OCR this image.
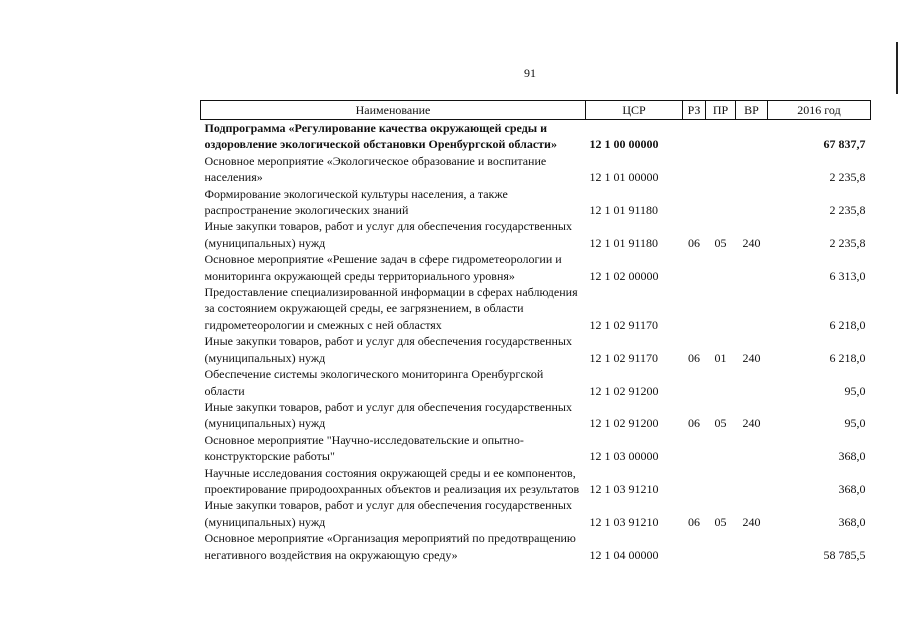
91
Наименование	ЦСР	РЗ	ПР	ВР	2016 год
Подпрограмма «Регулирование качества окружающей среды и оздоровление экологической обстановки Оренбургской области»	12 1 00 00000				67 837,7
Основное мероприятие «Экологическое образование и воспитание населения»	12 1 01 00000				2 235,8
Формирование экологической культуры населения, а также распространение экологических знаний	12 1 01 91180				2 235,8
Иные закупки товаров, работ и услуг для обеспечения государственных (муниципальных) нужд	12 1 01 91180	06	05	240	2 235,8
Основное мероприятие «Решение задач в сфере гидрометеорологии и мониторинга окружающей среды территориального уровня»	12 1 02 00000				6 313,0
Предоставление специализированной информации в сферах наблюдения за состоянием окружающей среды, ее загрязнением, в области гидрометеорологии и смежных с ней областях	12 1 02 91170				6 218,0
Иные закупки товаров, работ и услуг для обеспечения государственных (муниципальных) нужд	12 1 02 91170	06	01	240	6 218,0
Обеспечение системы экологического мониторинга Оренбургской области	12 1 02 91200				95,0
Иные закупки товаров, работ и услуг для обеспечения государственных (муниципальных) нужд	12 1 02 91200	06	05	240	95,0
Основное мероприятие "Научно-исследовательские и опытно-конструкторские работы"	12 1 03 00000				368,0
Научные исследования состояния окружающей среды и ее компонентов, проектирование природоохранных объектов и реализация их результатов	12 1 03 91210				368,0
Иные закупки товаров, работ и услуг для обеспечения государственных (муниципальных) нужд	12 1 03 91210	06	05	240	368,0
Основное мероприятие «Организация мероприятий по предотвращению негативного воздействия на окружающую среду»	12 1 04 00000				58 785,5
